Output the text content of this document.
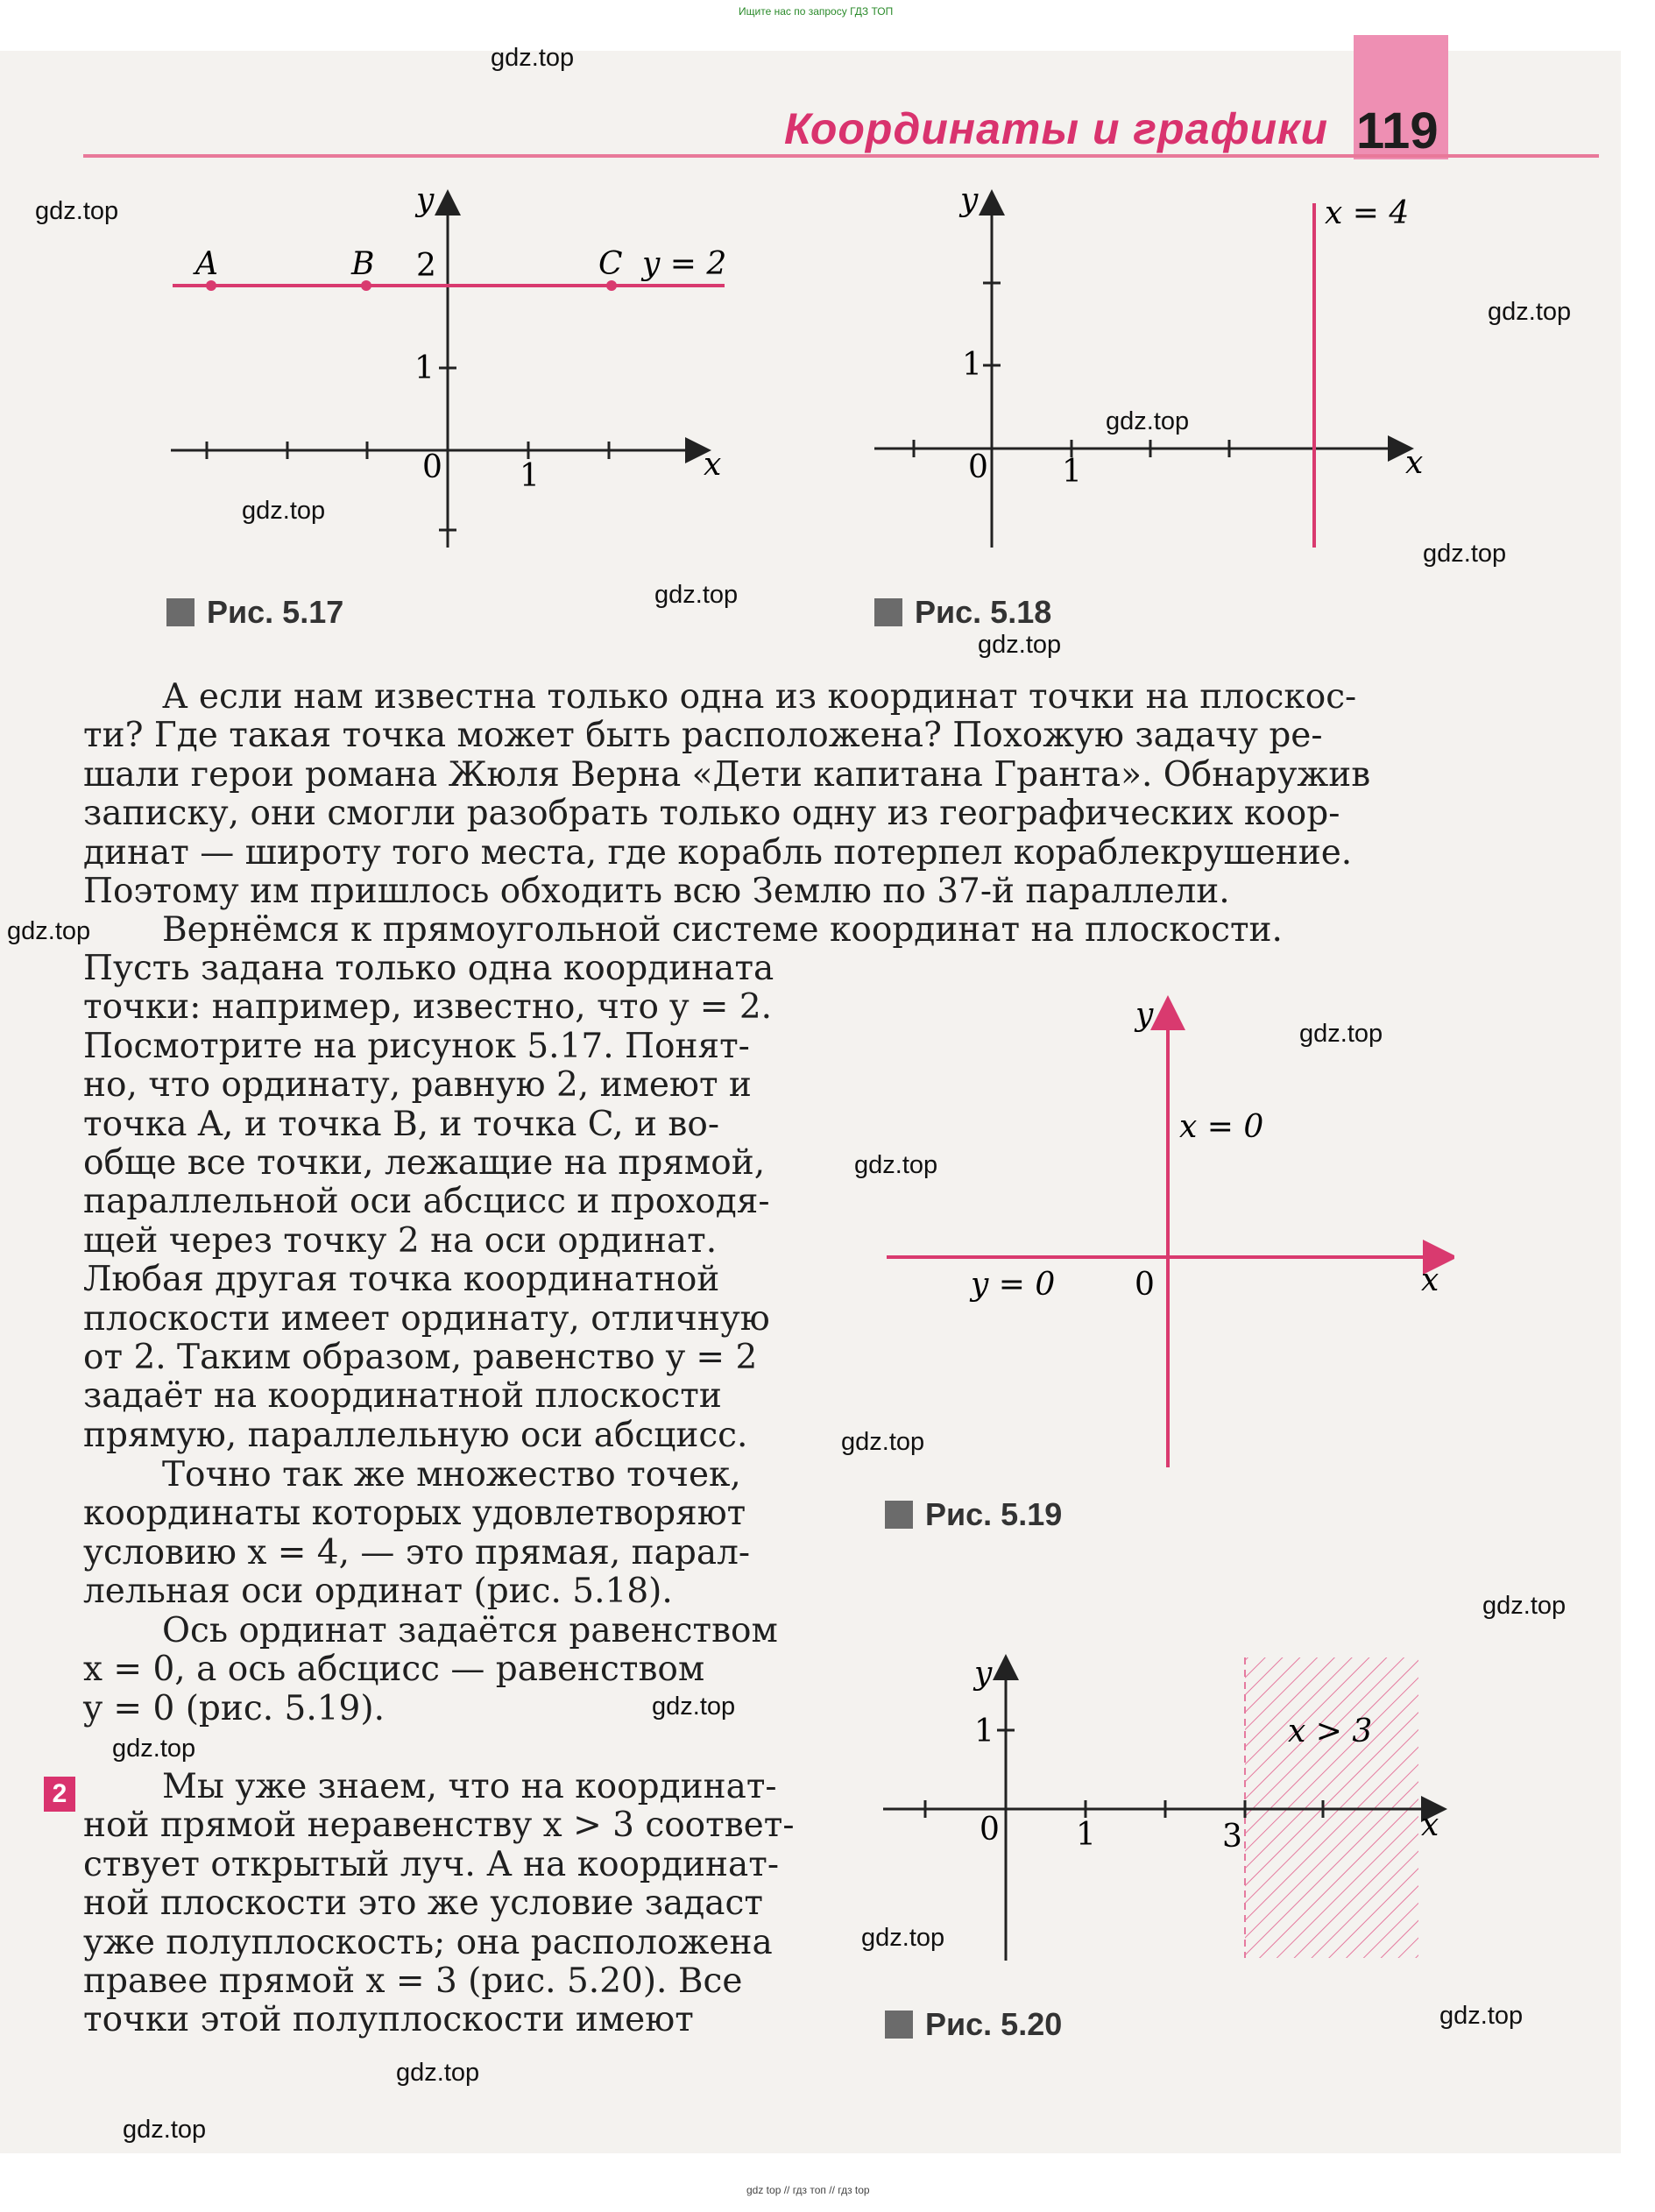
Ищите нас по запросу ГДЗ ТОП
gdz top // гдз топ // гдз top
Координаты и графики 119
A	B	C y = 2
2
1
0 1	x
y
Рис. 5.17
x = 4
1
0 1	x
y
Рис. 5.18
А если нам известна только одна из координат точки на плоскос-
ти? Где такая точка может быть расположена? Похожую задачу ре-
шали герои романа Жюля Верна «Дети капитана Гранта». Обнаружив
записку, они смогли разобрать только одну из географических коор-
динат — широту того места, где корабль потерпел кораблекрушение.
Поэтому им пришлось обходить всю Землю по 37-й параллели.
Вернёмся к прямоугольной системе координат на плоскости.
Пусть задана только одна координата
точки: например, известно, что y = 2.
Посмотрите на рисунок 5.17. Понят-
но, что ординату, равную 2, имеют и
точка A, и точка B, и точка C, и во-
обще все точки, лежащие на прямой,
параллельной оси абсцисс и проходя-
щей через точку 2 на оси ординат.
Любая другая точка координатной
плоскости имеет ординату, отличную
от 2. Таким образом, равенство y = 2
задаёт на координатной плоскости
прямую, параллельную оси абсцисс.
Точно так же множество точек,
координаты которых удовлетворяют
условию x = 4, — это прямая, парал-
лельная оси ординат (рис. 5.18).
Ось ординат задаётся равенством
x = 0, а ось абсцисс — равенством
y = 0 (рис. 5.19).
2	Мы уже знаем, что на координат-
ной прямой неравенству x > 3 соответ-
ствует открытый луч. А на координат-
ной плоскости это же условие задаст
уже полуплоскость; она расположена
правее прямой x = 3 (рис. 5.20). Все
точки этой полуплоскости имеют
y
x = 0
y = 0	0	x
Рис. 5.19
y
1
0 1	3
x > 3
x
Рис. 5.20
gdz.top
gdz.top
gdz.top
gdz.top
gdz.top
gdz.top
gdz.top
gdz.top
gdz.top
gdz.top
gdz.top
gdz.top
gdz.top
gdz.top
gdz.top
gdz.top
gdz.top
gdz.top
gdz.top
